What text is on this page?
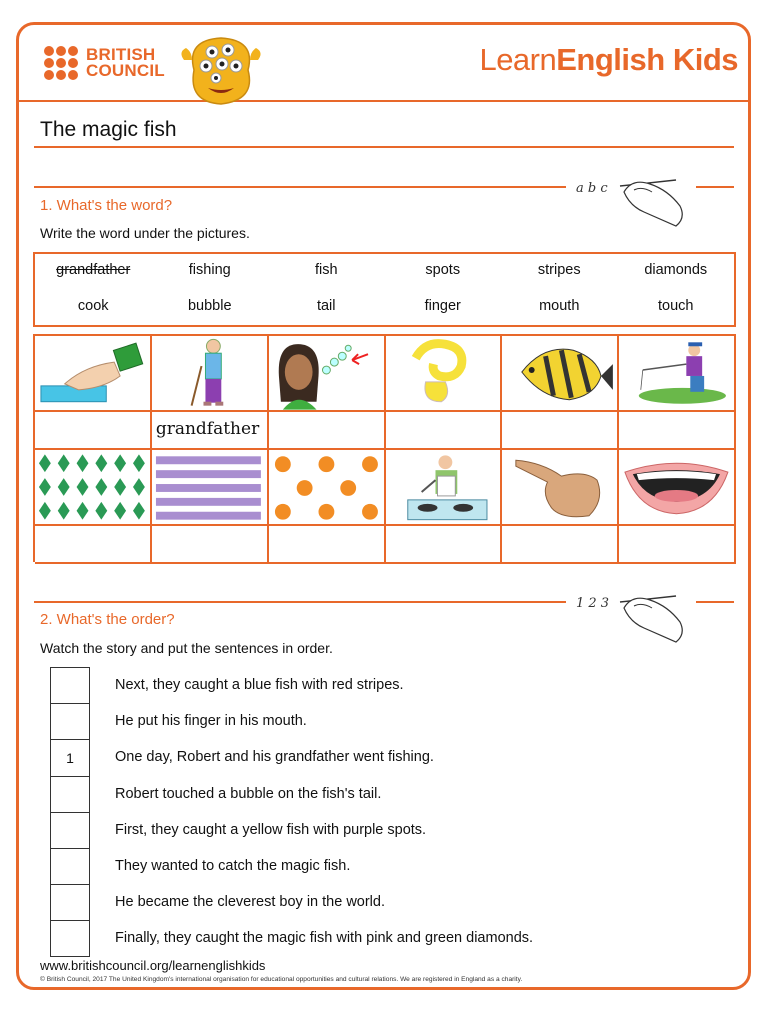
BRITISH
COUNCIL	LearnEnglish Kids
The magic fish
a b c
1. What's the word?
Write the word under the pictures.
grandfather	fishing	fish	spots	stripes	diamonds
cook	bubble	tail	finger	mouth	touch
grandfather
1 2 3
2. What's the order?
Watch the story and put the sentences in order.
Next, they caught a blue fish with red stripes.
He put his finger in his mouth.
1	One day, Robert and his grandfather went fishing.
Robert touched a bubble on the fish's tail.
First, they caught a yellow fish with purple spots.
They wanted to catch the magic fish.
He became the cleverest boy in the world.
Finally, they caught the magic fish with pink and green diamonds.
www.britishcouncil.org/learnenglishkids
© British Council, 2017 The United Kingdom's international organisation for educational opportunities and cultural relations. We are registered in England as a charity.
